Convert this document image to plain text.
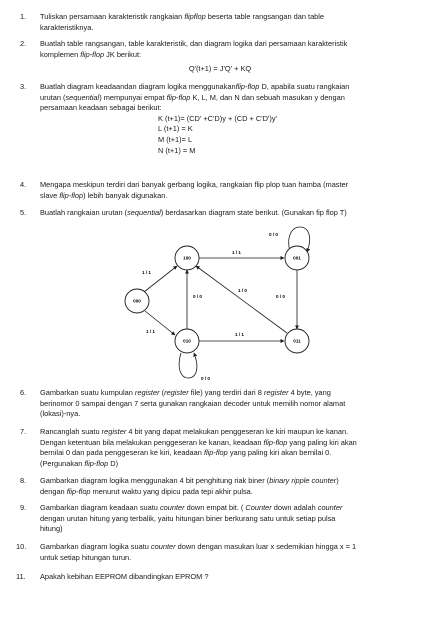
1. Tuliskan persamaan karakteristik rangkaian flipflop beserta table rangsangan dan table
karakteristiknya.
2. Buatlah table rangsangan, table karakteristik, dan diagram logika dari persamaan karakteristik
komplemen flip-flop JK berikut:
Q'(t+1) = J'Q' + KQ
3. Buatlah diagram keadaandan diagram logika menggunakanflip-flop D, apabila suatu rangkaian
urutan (sequential) mempunyai empat flip-flop K, L, M, dan N dan sebuah masukan y dengan
persamaan keadaan sebagai berikut:
K (t+1)= (CD' +C'D)y + (CD + C'D')y'
L (t+1) = K
M (t+1)= L
N (t+1) = M
4. Mengapa meskipun terdiri dari banyak gerbang logika, rangkaian flip plop tuan hamba (master
slave flip-flop) lebih banyak digunakan.
5. Buatlah rangkaian urutan (sequential) berdasarkan diagram state berikut. (Gunakan fip flop T)
0 / 0
1 / 1
1 / 1
1 / 1
1 / 1
0 / 0
1 / 0
0 / 0
0 / 0
100	001
000
010	011
6. Gambarkan suatu kumpulan register (register file) yang terdiri dari 8 register 4 byte, yang
berinomor 0 sampai dengan 7 serta gunakan rangkaian decoder untuk memilih nomor alamat
(lokasi)-nya.
7. Rancanglah suatu register 4 bit yang dapat melakukan penggeseran ke kiri maupun ke kanan.
Dengan ketentuan bila melakukan penggeseran ke kanan, keadaan flip-flop yang paling kiri akan
bernilai 0 dan pada penggeseran ke kiri, keadaan flip-flop yang paling kiri akan bernilai 0.
(Pergunakan flip-flop D)
8. Gambarkan diagram logika menggunakan 4 bit penghitung riak biner (binary ripple counter)
dengan flip-flop menurut waktu yang dipicu pada tepi akhir pulsa.
9. Gambarkan diagram keadaan suatu counter down empat bit. ( Counter down adalah counter
dengan urutan hitung yang terbalik, yaitu hitungan biner berkurang satu untuk setiap pulsa
hitung)
10. Gambarkan diagram logika suatu counter down dengan masukan luar x sedemikian hingga x = 1
untuk setiap hitungan turun.
11. Apakah kebihan EEPROM dibandingkan EPROM ?
